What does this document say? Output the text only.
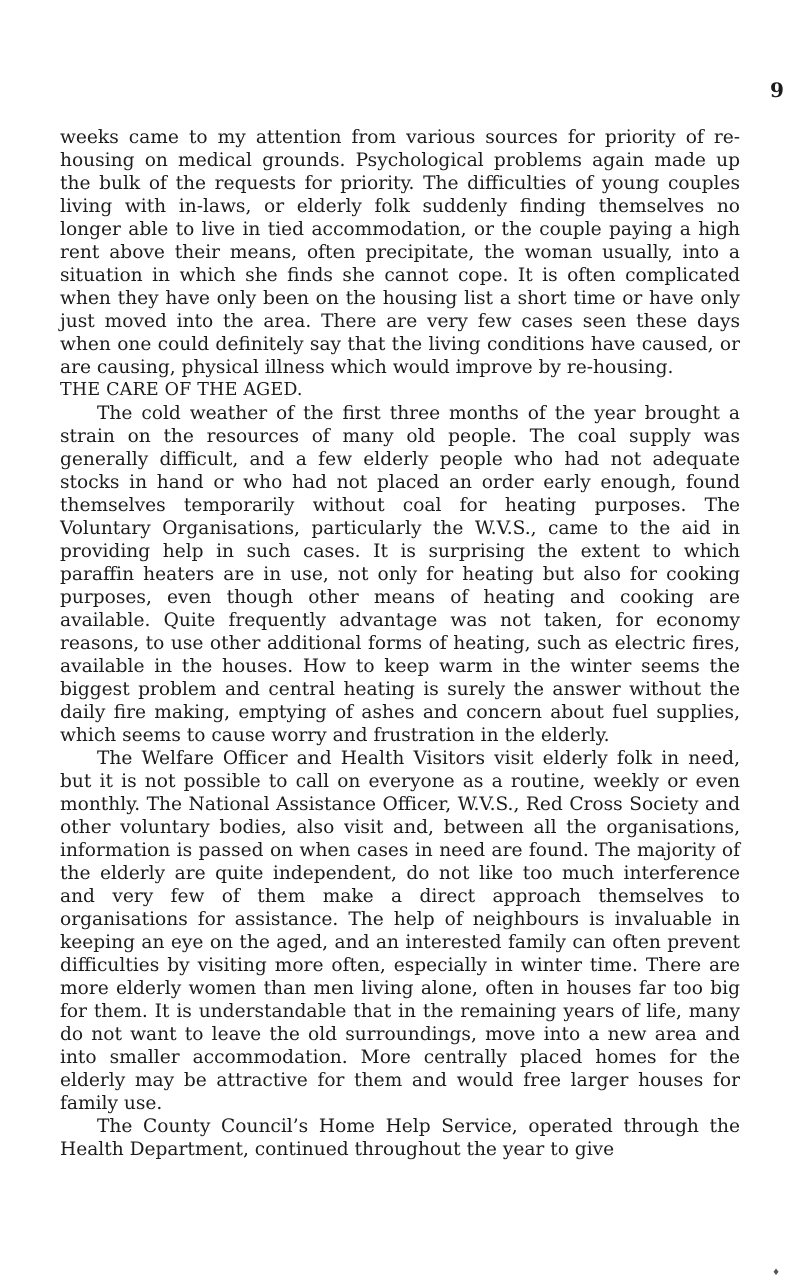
9

weeks came to my attention from various sources for priority of re-housing on medical grounds. Psychological problems again made up the bulk of the requests for priority. The difficulties of young couples living with in-laws, or elderly folk suddenly finding themselves no longer able to live in tied accommodation, or the couple paying a high rent above their means, often precipitate, the woman usually, into a situation in which she finds she cannot cope. It is often complicated when they have only been on the housing list a short time or have only just moved into the area. There are very few cases seen these days when one could definitely say that the living conditions have caused, or are causing, physical illness which would improve by re-housing.

THE CARE OF THE AGED.

The cold weather of the first three months of the year brought a strain on the resources of many old people. The coal supply was generally difficult, and a few elderly people who had not adequate stocks in hand or who had not placed an order early enough, found themselves temporarily without coal for heating purposes. The Voluntary Organisations, particularly the W.V.S., came to the aid in providing help in such cases. It is surprising the extent to which paraffin heaters are in use, not only for heating but also for cooking purposes, even though other means of heating and cooking are available. Quite frequently advantage was not taken, for economy reasons, to use other additional forms of heating, such as electric fires, available in the houses. How to keep warm in the winter seems the biggest problem and central heating is surely the answer without the daily fire making, emptying of ashes and concern about fuel supplies, which seems to cause worry and frustration in the elderly.

The Welfare Officer and Health Visitors visit elderly folk in need, but it is not possible to call on everyone as a routine, weekly or even monthly. The National Assistance Officer, W.V.S., Red Cross Society and other voluntary bodies, also visit and, between all the organisations, information is passed on when cases in need are found. The majority of the elderly are quite independent, do not like too much interference and very few of them make a direct approach themselves to organisations for assistance. The help of neighbours is invaluable in keeping an eye on the aged, and an interested family can often prevent difficulties by visiting more often, especially in winter time. There are more elderly women than men living alone, often in houses far too big for them. It is understandable that in the remaining years of life, many do not want to leave the old surroundings, move into a new area and into smaller accommodation. More centrally placed homes for the elderly may be attractive for them and would free larger houses for family use.

The County Council’s Home Help Service, operated through the Health Department, continued throughout the year to give

♦
